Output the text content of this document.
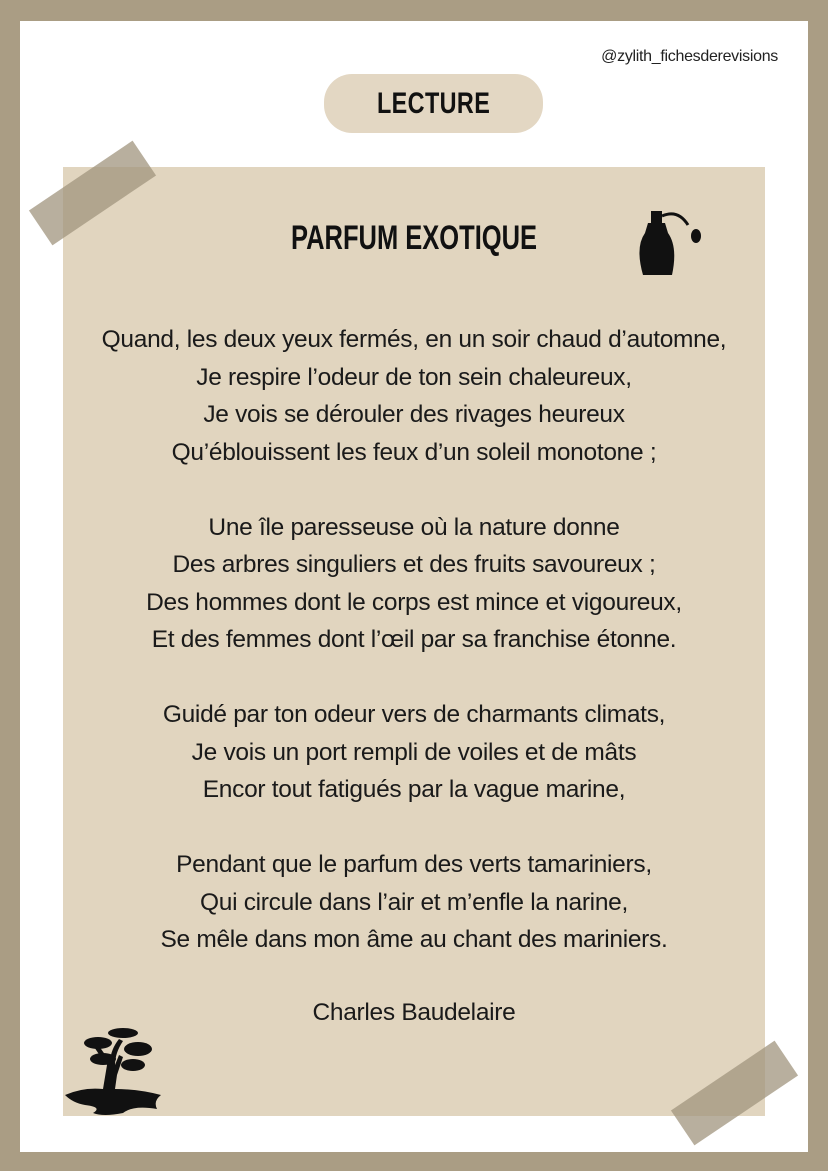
@zylith_fichesderevisions
LECTURE
PARFUM EXOTIQUE
Quand, les deux yeux fermés, en un soir chaud d’automne,
Je respire l’odeur de ton sein chaleureux,
Je vois se dérouler des rivages heureux
Qu’éblouissent les feux d’un soleil monotone ;
Une île paresseuse où la nature donne
Des arbres singuliers et des fruits savoureux ;
Des hommes dont le corps est mince et vigoureux,
Et des femmes dont l’œil par sa franchise étonne.
Guidé par ton odeur vers de charmants climats,
Je vois un port rempli de voiles et de mâts
Encor tout fatigués par la vague marine,
Pendant que le parfum des verts tamariniers,
Qui circule dans l’air et m’enfle la narine,
Se mêle dans mon âme au chant des mariniers.
Charles Baudelaire
